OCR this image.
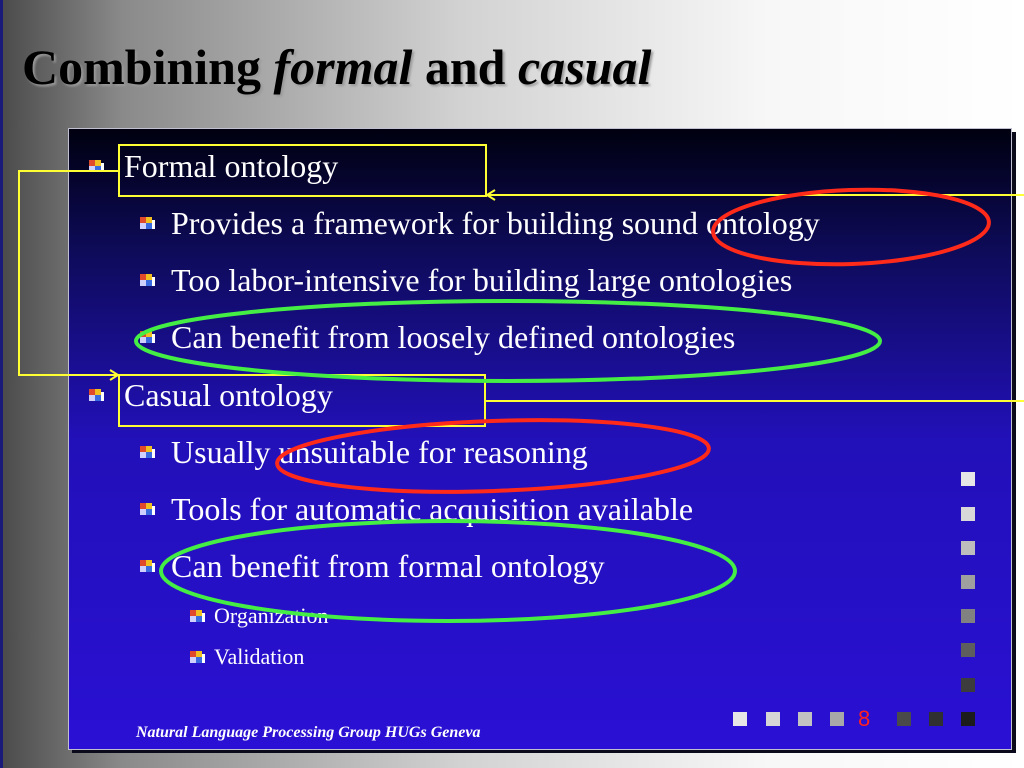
Combining formal and casual
Formal ontology
Provides a framework for building sound ontology
Too labor-intensive for building large ontologies
Can benefit from loosely defined ontologies
Casual ontology
Usually unsuitable for reasoning
Tools for automatic acquisition available
Can benefit from formal ontology
Organization
Validation
8
Natural Language Processing Group HUGs Geneva
